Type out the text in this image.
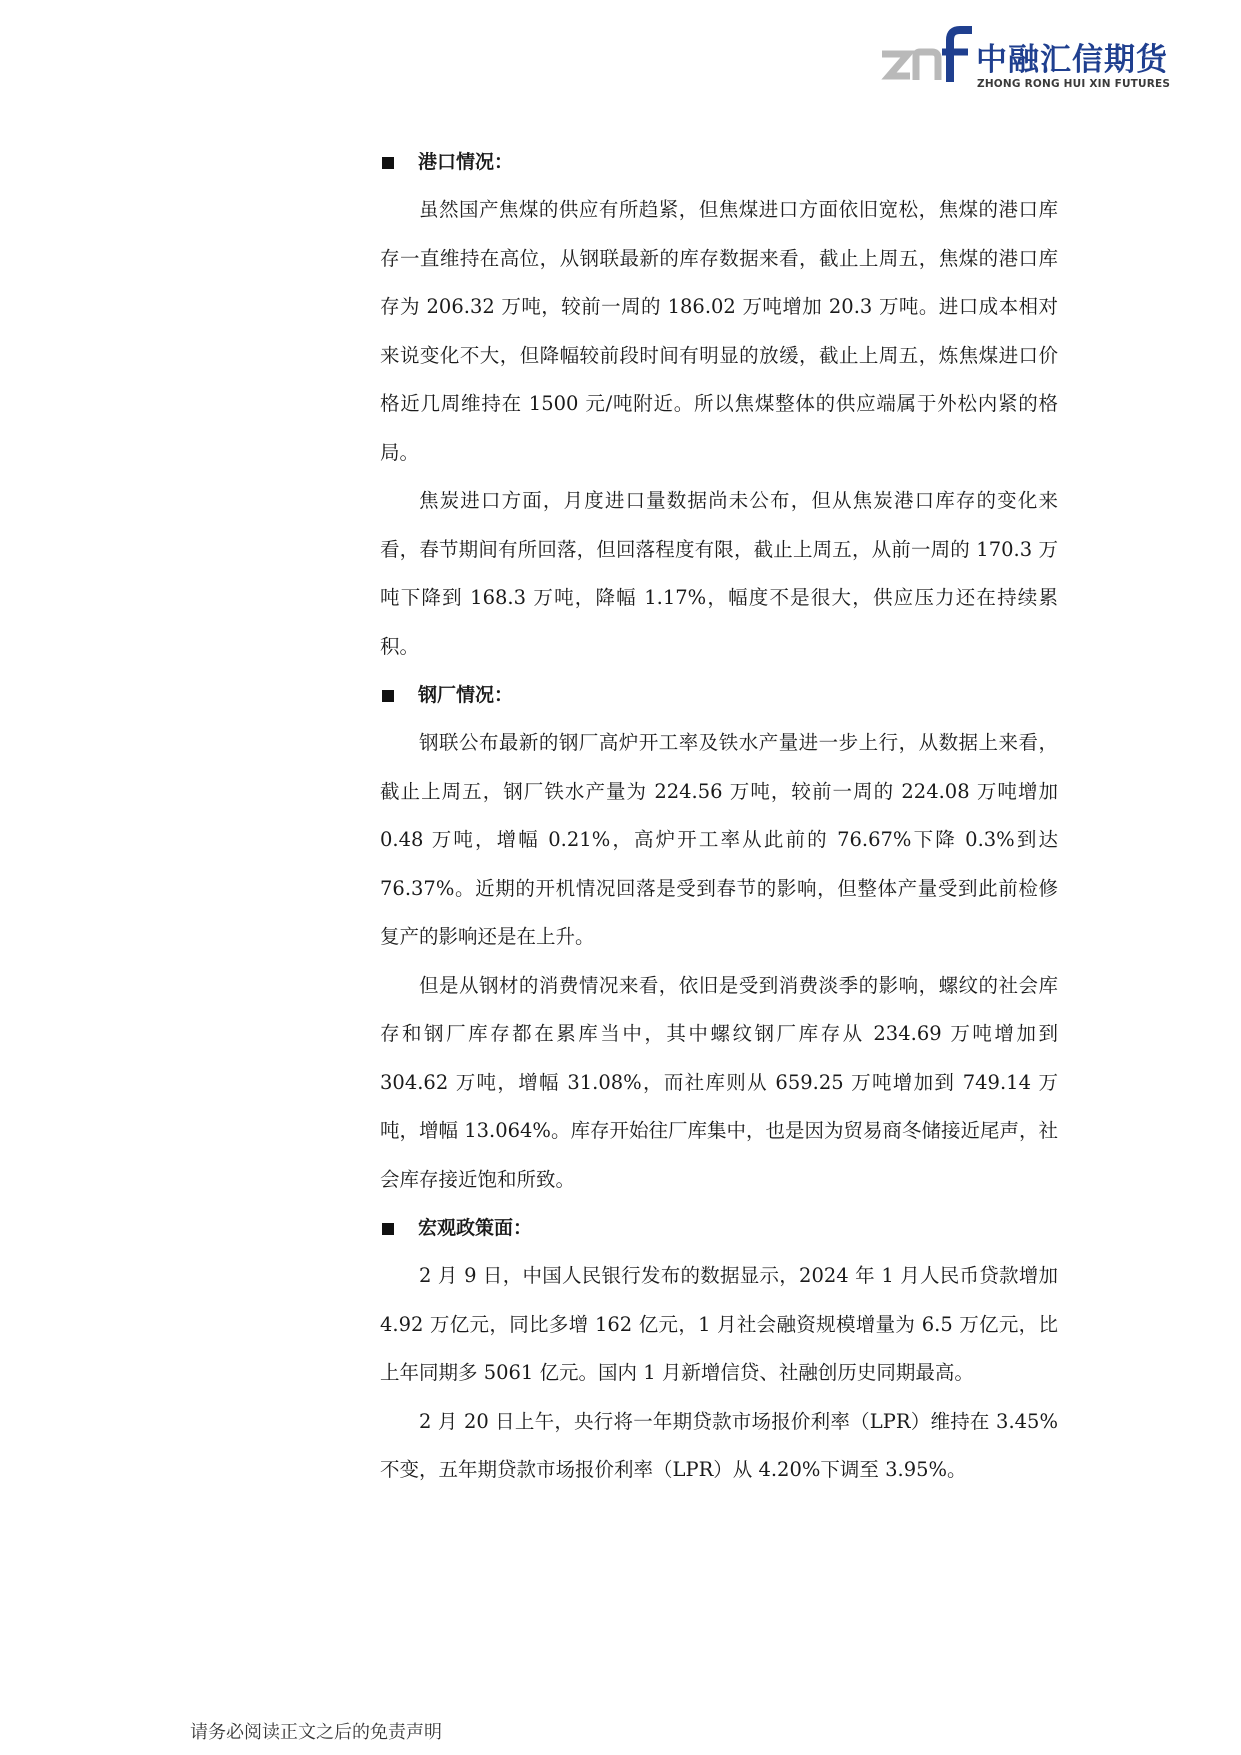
中融汇信期货
ZHONG RONG HUI XIN FUTURES
港口情况：

虽然国产焦煤的供应有所趋紧，但焦煤进口方面依旧宽松，焦煤的港口库存一直维持在高位，从钢联最新的库存数据来看，截止上周五，焦煤的港口库存为 206.32 万吨，较前一周的 186.02 万吨增加 20.3 万吨。进口成本相对来说变化不大，但降幅较前段时间有明显的放缓，截止上周五，炼焦煤进口价格近几周维持在 1500 元/吨附近。所以焦煤整体的供应端属于外松内紧的格局。

焦炭进口方面，月度进口量数据尚未公布，但从焦炭港口库存的变化来看，春节期间有所回落，但回落程度有限，截止上周五，从前一周的 170.3 万吨下降到 168.3 万吨，降幅 1.17%，幅度不是很大，供应压力还在持续累积。

钢厂情况：

钢联公布最新的钢厂高炉开工率及铁水产量进一步上行，从数据上来看，截止上周五，钢厂铁水产量为 224.56 万吨，较前一周的 224.08 万吨增加 0.48 万吨，增幅 0.21%，高炉开工率从此前的 76.67%下降 0.3%到达 76.37%。近期的开机情况回落是受到春节的影响，但整体产量受到此前检修复产的影响还是在上升。

但是从钢材的消费情况来看，依旧是受到消费淡季的影响，螺纹的社会库存和钢厂库存都在累库当中，其中螺纹钢厂库存从 234.69 万吨增加到 304.62 万吨，增幅 31.08%，而社库则从 659.25 万吨增加到 749.14 万吨，增幅 13.064%。库存开始往厂库集中，也是因为贸易商冬储接近尾声，社会库存接近饱和所致。

宏观政策面：

2 月 9 日，中国人民银行发布的数据显示，2024 年 1 月人民币贷款增加 4.92 万亿元，同比多增 162 亿元，1 月社会融资规模增量为 6.5 万亿元，比上年同期多 5061 亿元。国内 1 月新增信贷、社融创历史同期最高。

2 月 20 日上午，央行将一年期贷款市场报价利率（LPR）维持在 3.45%不变，五年期贷款市场报价利率（LPR）从 4.20%下调至 3.95%。

请务必阅读正文之后的免责声明
